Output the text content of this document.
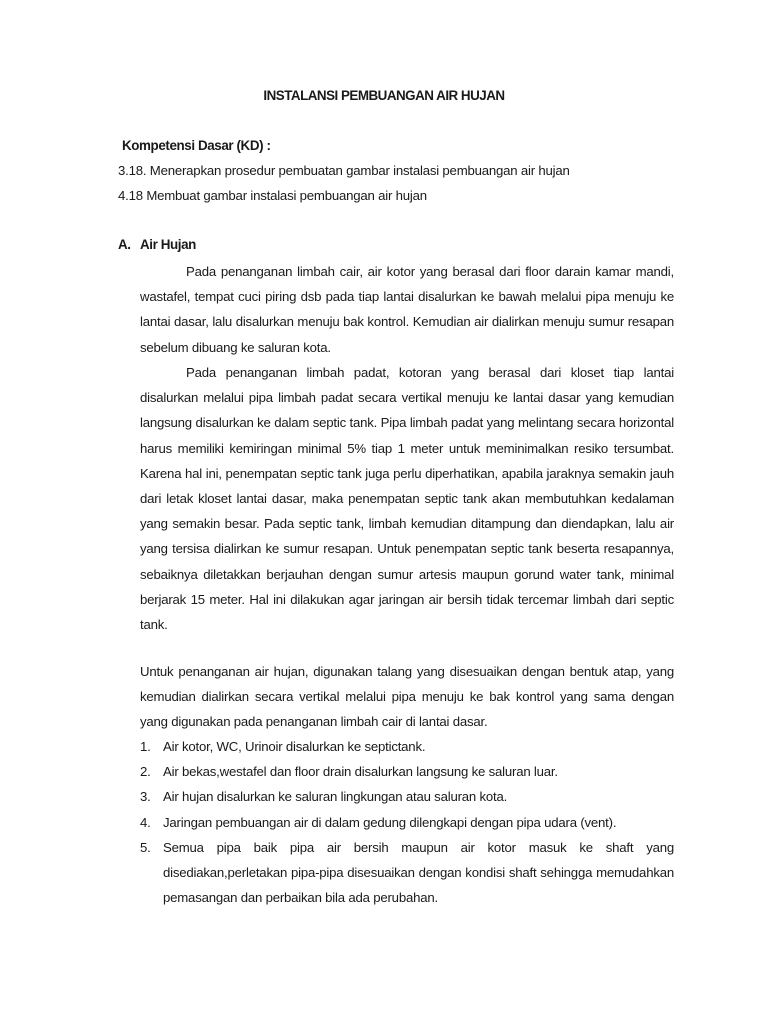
INSTALANSI PEMBUANGAN AIR HUJAN
Kompetensi Dasar (KD) :
3.18. Menerapkan prosedur pembuatan gambar instalasi pembuangan air hujan
4.18 Membuat gambar instalasi pembuangan air hujan
A. Air Hujan
Pada penanganan limbah cair, air kotor yang berasal dari floor darain kamar mandi, wastafel, tempat cuci piring dsb pada tiap lantai disalurkan ke bawah melalui pipa menuju ke lantai dasar, lalu disalurkan menuju bak kontrol. Kemudian air dialirkan menuju sumur resapan sebelum dibuang ke saluran kota.
Pada penanganan limbah padat, kotoran yang berasal dari kloset tiap lantai disalurkan melalui pipa limbah padat secara vertikal menuju ke lantai dasar yang kemudian langsung disalurkan ke dalam septic tank. Pipa limbah padat yang melintang secara horizontal harus memiliki kemiringan minimal 5% tiap 1 meter untuk meminimalkan resiko tersumbat. Karena hal ini, penempatan septic tank juga perlu diperhatikan, apabila jaraknya semakin jauh dari letak kloset lantai dasar, maka penempatan septic tank akan membutuhkan kedalaman yang semakin besar. Pada septic tank, limbah kemudian ditampung dan diendapkan, lalu air yang tersisa dialirkan ke sumur resapan. Untuk penempatan septic tank beserta resapannya, sebaiknya diletakkan berjauhan dengan sumur artesis maupun gorund water tank, minimal berjarak 15 meter. Hal ini dilakukan agar jaringan air bersih tidak tercemar limbah dari septic tank.
Untuk penanganan air hujan, digunakan talang yang disesuaikan dengan bentuk atap, yang kemudian dialirkan secara vertikal melalui pipa menuju ke bak kontrol yang sama dengan yang digunakan pada penanganan limbah cair di lantai dasar.
1. Air kotor, WC, Urinoir disalurkan ke septictank.
2. Air bekas,westafel dan floor drain disalurkan langsung ke saluran luar.
3. Air hujan disalurkan ke saluran lingkungan atau saluran kota.
4. Jaringan pembuangan air di dalam gedung dilengkapi dengan pipa udara (vent).
5. Semua pipa baik pipa air bersih maupun air kotor masuk ke shaft yang disediakan,perletakan pipa-pipa disesuaikan dengan kondisi shaft sehingga memudahkan pemasangan dan perbaikan bila ada perubahan.
